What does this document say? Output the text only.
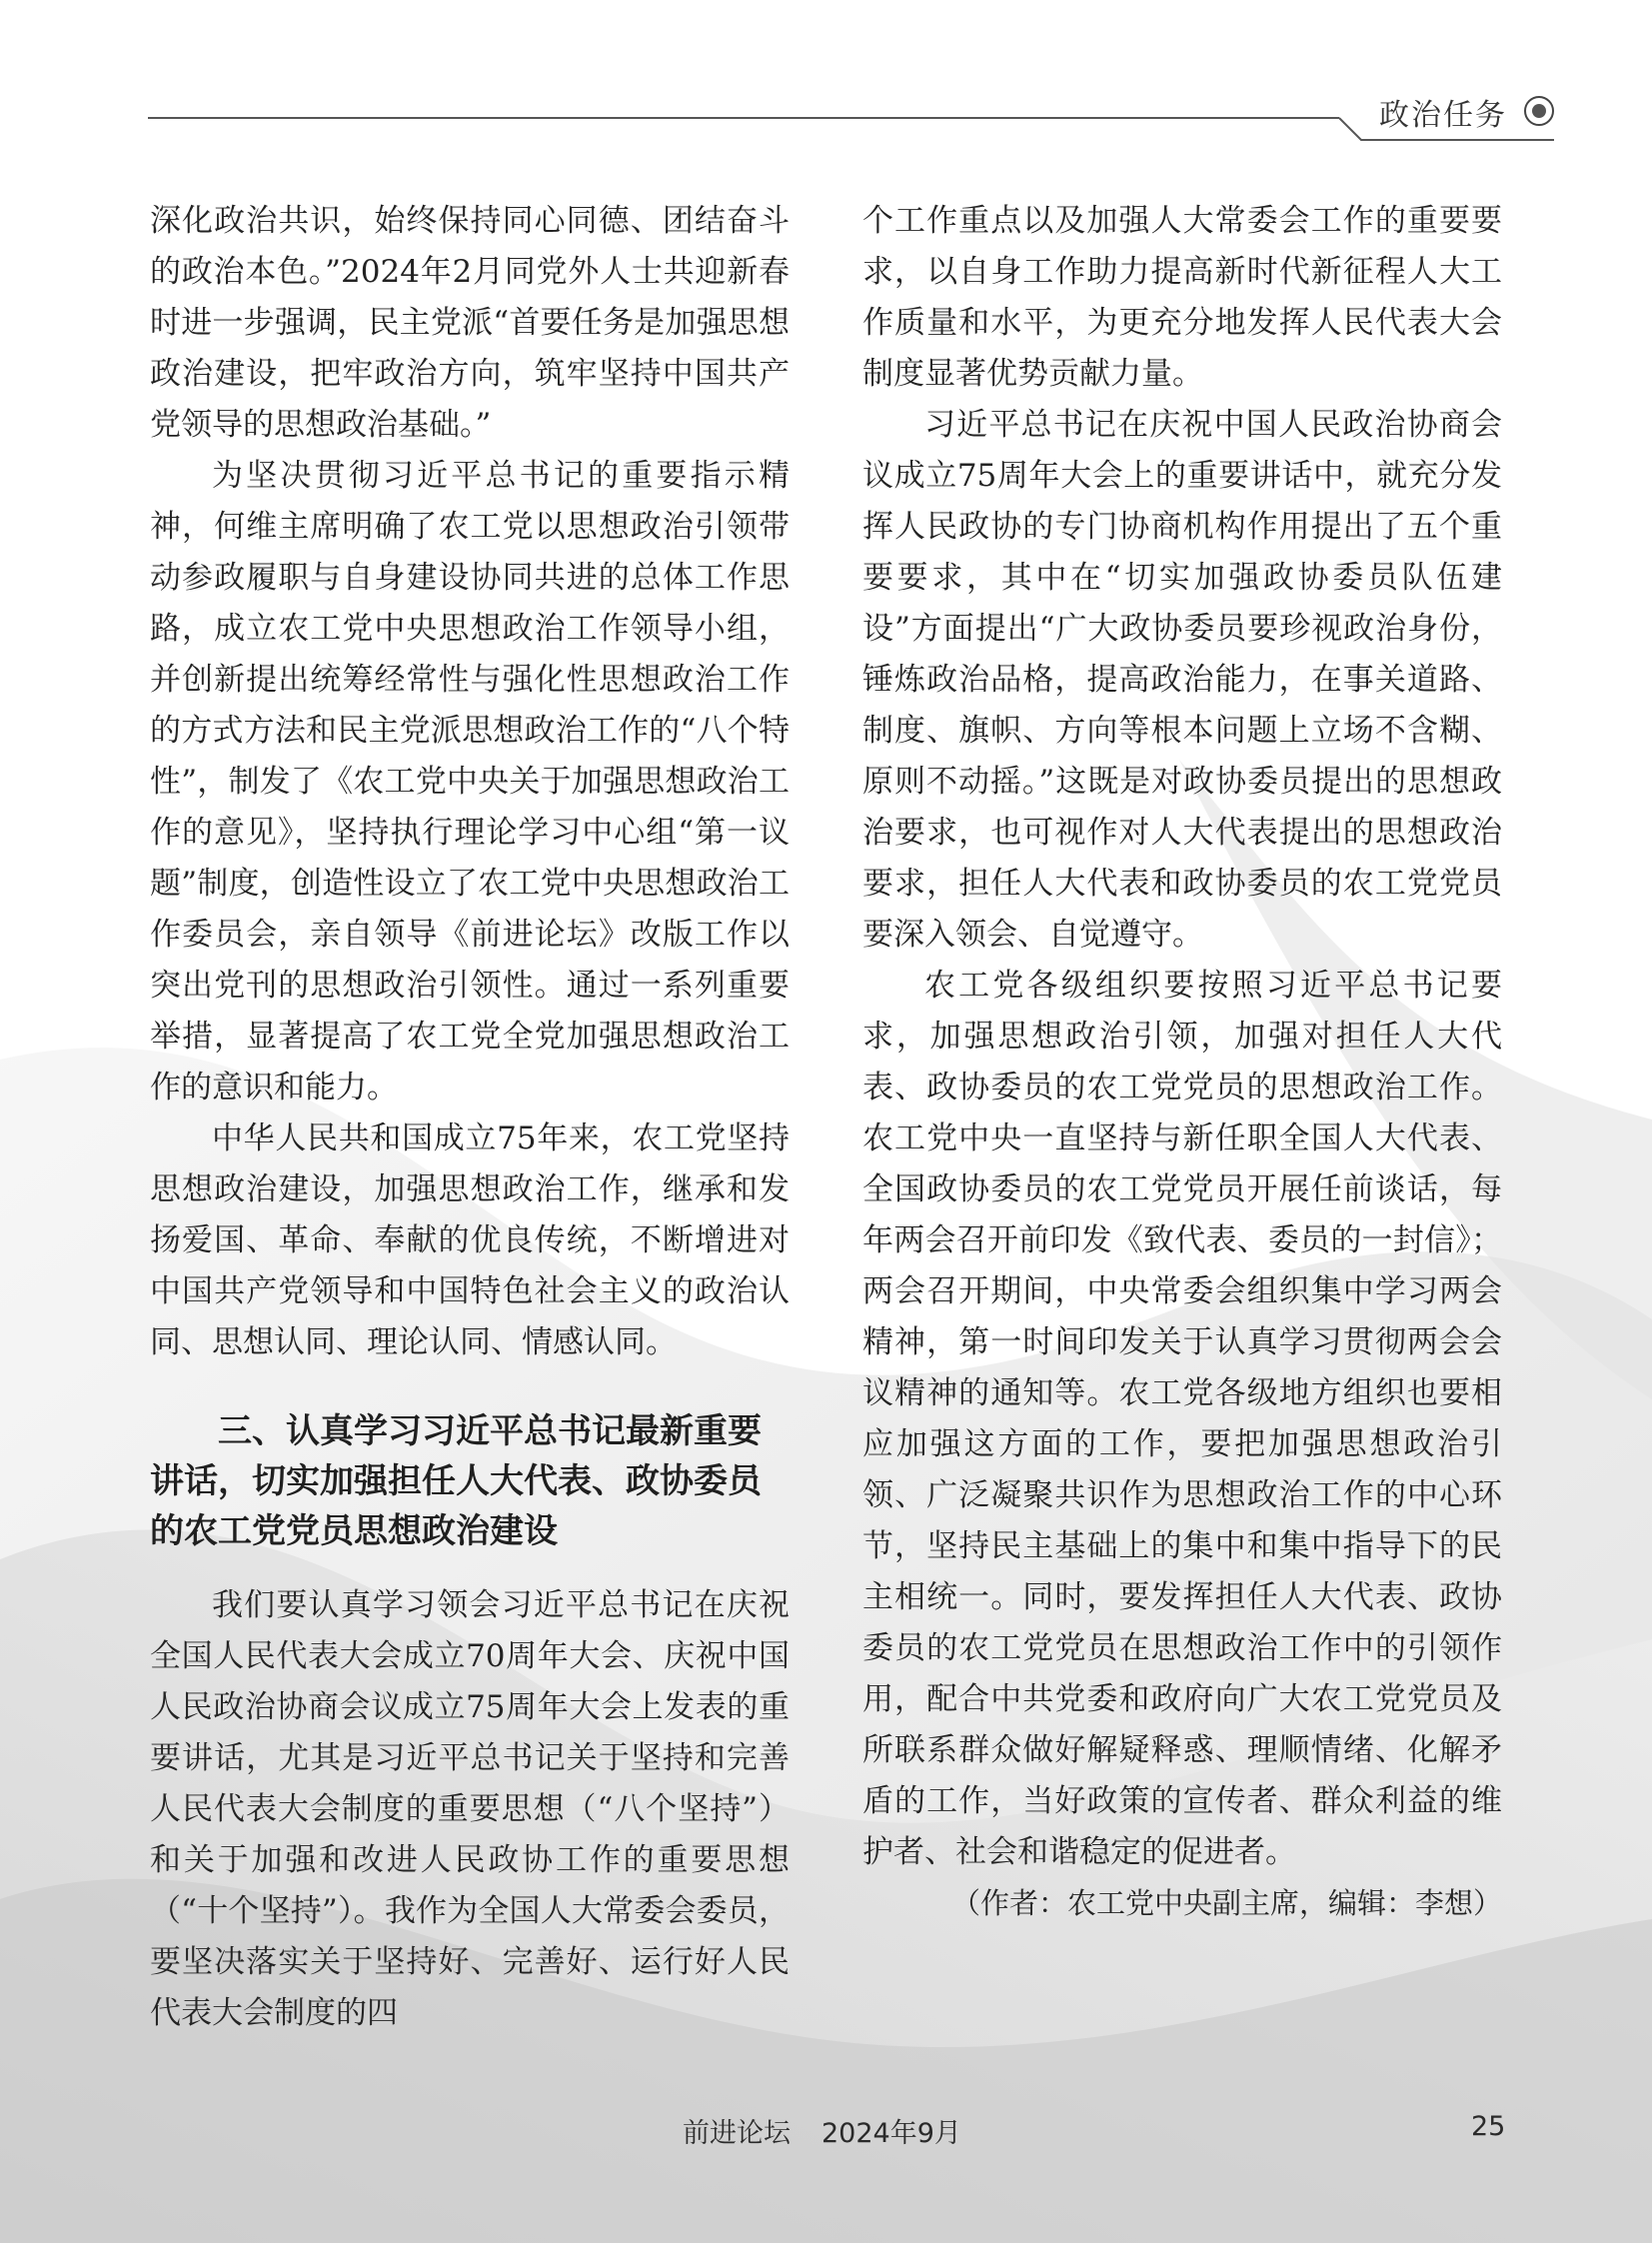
政治任务

深化政治共识，始终保持同心同德、团结奋斗的政治本色。”2024年2月同党外人士共迎新春时进一步强调，民主党派“首要任务是加强思想政治建设，把牢政治方向，筑牢坚持中国共产党领导的思想政治基础。”

为坚决贯彻习近平总书记的重要指示精神，何维主席明确了农工党以思想政治引领带动参政履职与自身建设协同共进的总体工作思路，成立农工党中央思想政治工作领导小组，并创新提出统筹经常性与强化性思想政治工作的方式方法和民主党派思想政治工作的“八个特性”，制发了《农工党中央关于加强思想政治工作的意见》，坚持执行理论学习中心组“第一议题”制度，创造性设立了农工党中央思想政治工作委员会，亲自领导《前进论坛》改版工作以突出党刊的思想政治引领性。通过一系列重要举措，显著提高了农工党全党加强思想政治工作的意识和能力。

中华人民共和国成立75年来，农工党坚持思想政治建设，加强思想政治工作，继承和发扬爱国、革命、奉献的优良传统，不断增进对中国共产党领导和中国特色社会主义的政治认同、思想认同、理论认同、情感认同。

三、认真学习习近平总书记最新重要讲话，切实加强担任人大代表、政协委员的农工党党员思想政治建设

我们要认真学习领会习近平总书记在庆祝全国人民代表大会成立70周年大会、庆祝中国人民政治协商会议成立75周年大会上发表的重要讲话，尤其是习近平总书记关于坚持和完善人民代表大会制度的重要思想（“八个坚持”）和关于加强和改进人民政协工作的重要思想（“十个坚持”）。我作为全国人大常委会委员，要坚决落实关于坚持好、完善好、运行好人民代表大会制度的四

个工作重点以及加强人大常委会工作的重要要求，以自身工作助力提高新时代新征程人大工作质量和水平，为更充分地发挥人民代表大会制度显著优势贡献力量。

习近平总书记在庆祝中国人民政治协商会议成立75周年大会上的重要讲话中，就充分发挥人民政协的专门协商机构作用提出了五个重要要求，其中在“切实加强政协委员队伍建设”方面提出“广大政协委员要珍视政治身份，锤炼政治品格，提高政治能力，在事关道路、制度、旗帜、方向等根本问题上立场不含糊、原则不动摇。”这既是对政协委员提出的思想政治要求，也可视作对人大代表提出的思想政治要求，担任人大代表和政协委员的农工党党员要深入领会、自觉遵守。

农工党各级组织要按照习近平总书记要求，加强思想政治引领，加强对担任人大代表、政协委员的农工党党员的思想政治工作。农工党中央一直坚持与新任职全国人大代表、全国政协委员的农工党党员开展任前谈话，每年两会召开前印发《致代表、委员的一封信》；两会召开期间，中央常委会组织集中学习两会精神，第一时间印发关于认真学习贯彻两会会议精神的通知等。农工党各级地方组织也要相应加强这方面的工作，要把加强思想政治引领、广泛凝聚共识作为思想政治工作的中心环节，坚持民主基础上的集中和集中指导下的民主相统一。同时，要发挥担任人大代表、政协委员的农工党党员在思想政治工作中的引领作用，配合中共党委和政府向广大农工党党员及所联系群众做好解疑释惑、理顺情绪、化解矛盾的工作，当好政策的宣传者、群众利益的维护者、社会和谐稳定的促进者。

（作者：农工党中央副主席，编辑：李想）

前进论坛 2024年9月	25
